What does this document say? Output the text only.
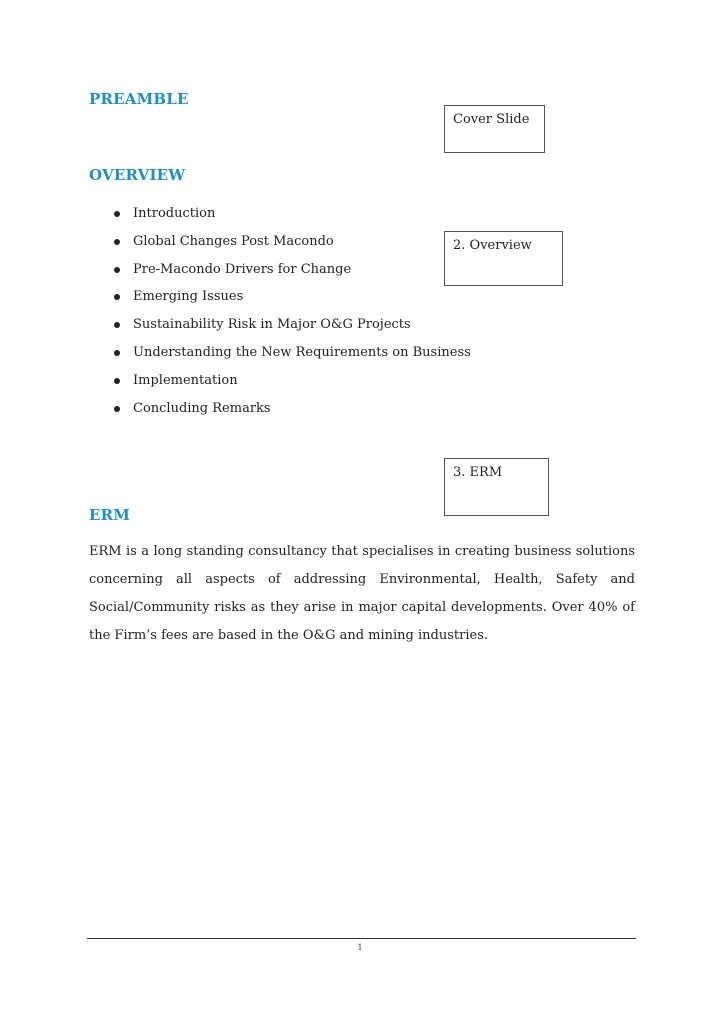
PREAMBLE
Cover Slide
OVERVIEW
Introduction
Global Changes Post Macondo
Pre-Macondo Drivers for Change
Emerging Issues
Sustainability Risk in Major O&G Projects
Understanding the New Requirements on Business
Implementation
Concluding Remarks
2. Overview
3. ERM
ERM

ERM is a long standing consultancy that specialises in creating business solutions concerning all aspects of addressing Environmental, Health, Safety and Social/Community risks as they arise in major capital developments. Over 40% of the Firm’s fees are based in the O&G and mining industries.

1
